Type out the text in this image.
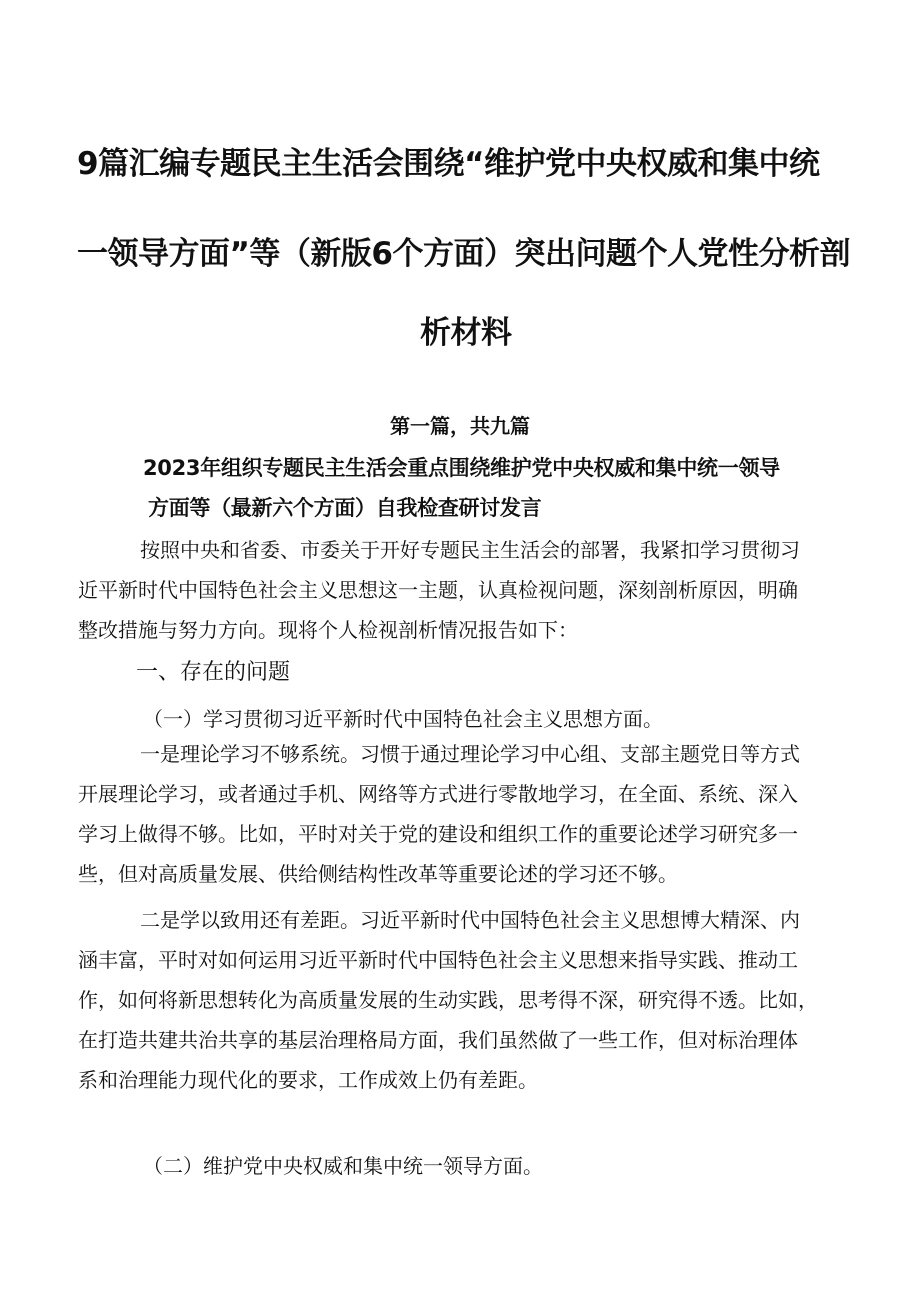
9篇汇编专题民主生活会围绕“维护党中央权威和集中统
一领导方面”等（新版6个方面）突出问题个人党性分析剖
析材料
第一篇，共九篇
2023年组织专题民主生活会重点围绕维护党中央权威和集中统一领导
方面等（最新六个方面）自我检查研讨发言
按照中央和省委、市委关于开好专题民主生活会的部署，我紧扣学习贯彻习
近平新时代中国特色社会主义思想这一主题，认真检视问题，深刻剖析原因，明确
整改措施与努力方向。现将个人检视剖析情况报告如下：
一、存在的问题
（一）学习贯彻习近平新时代中国特色社会主义思想方面。
一是理论学习不够系统。习惯于通过理论学习中心组、支部主题党日等方式
开展理论学习，或者通过手机、网络等方式进行零散地学习，在全面、系统、深入
学习上做得不够。比如，平时对关于党的建设和组织工作的重要论述学习研究多一
些，但对高质量发展、供给侧结构性改革等重要论述的学习还不够。
二是学以致用还有差距。习近平新时代中国特色社会主义思想博大精深、内
涵丰富，平时对如何运用习近平新时代中国特色社会主义思想来指导实践、推动工
作，如何将新思想转化为高质量发展的生动实践，思考得不深，研究得不透。比如，
在打造共建共治共享的基层治理格局方面，我们虽然做了一些工作，但对标治理体
系和治理能力现代化的要求，工作成效上仍有差距。
（二）维护党中央权威和集中统一领导方面。
